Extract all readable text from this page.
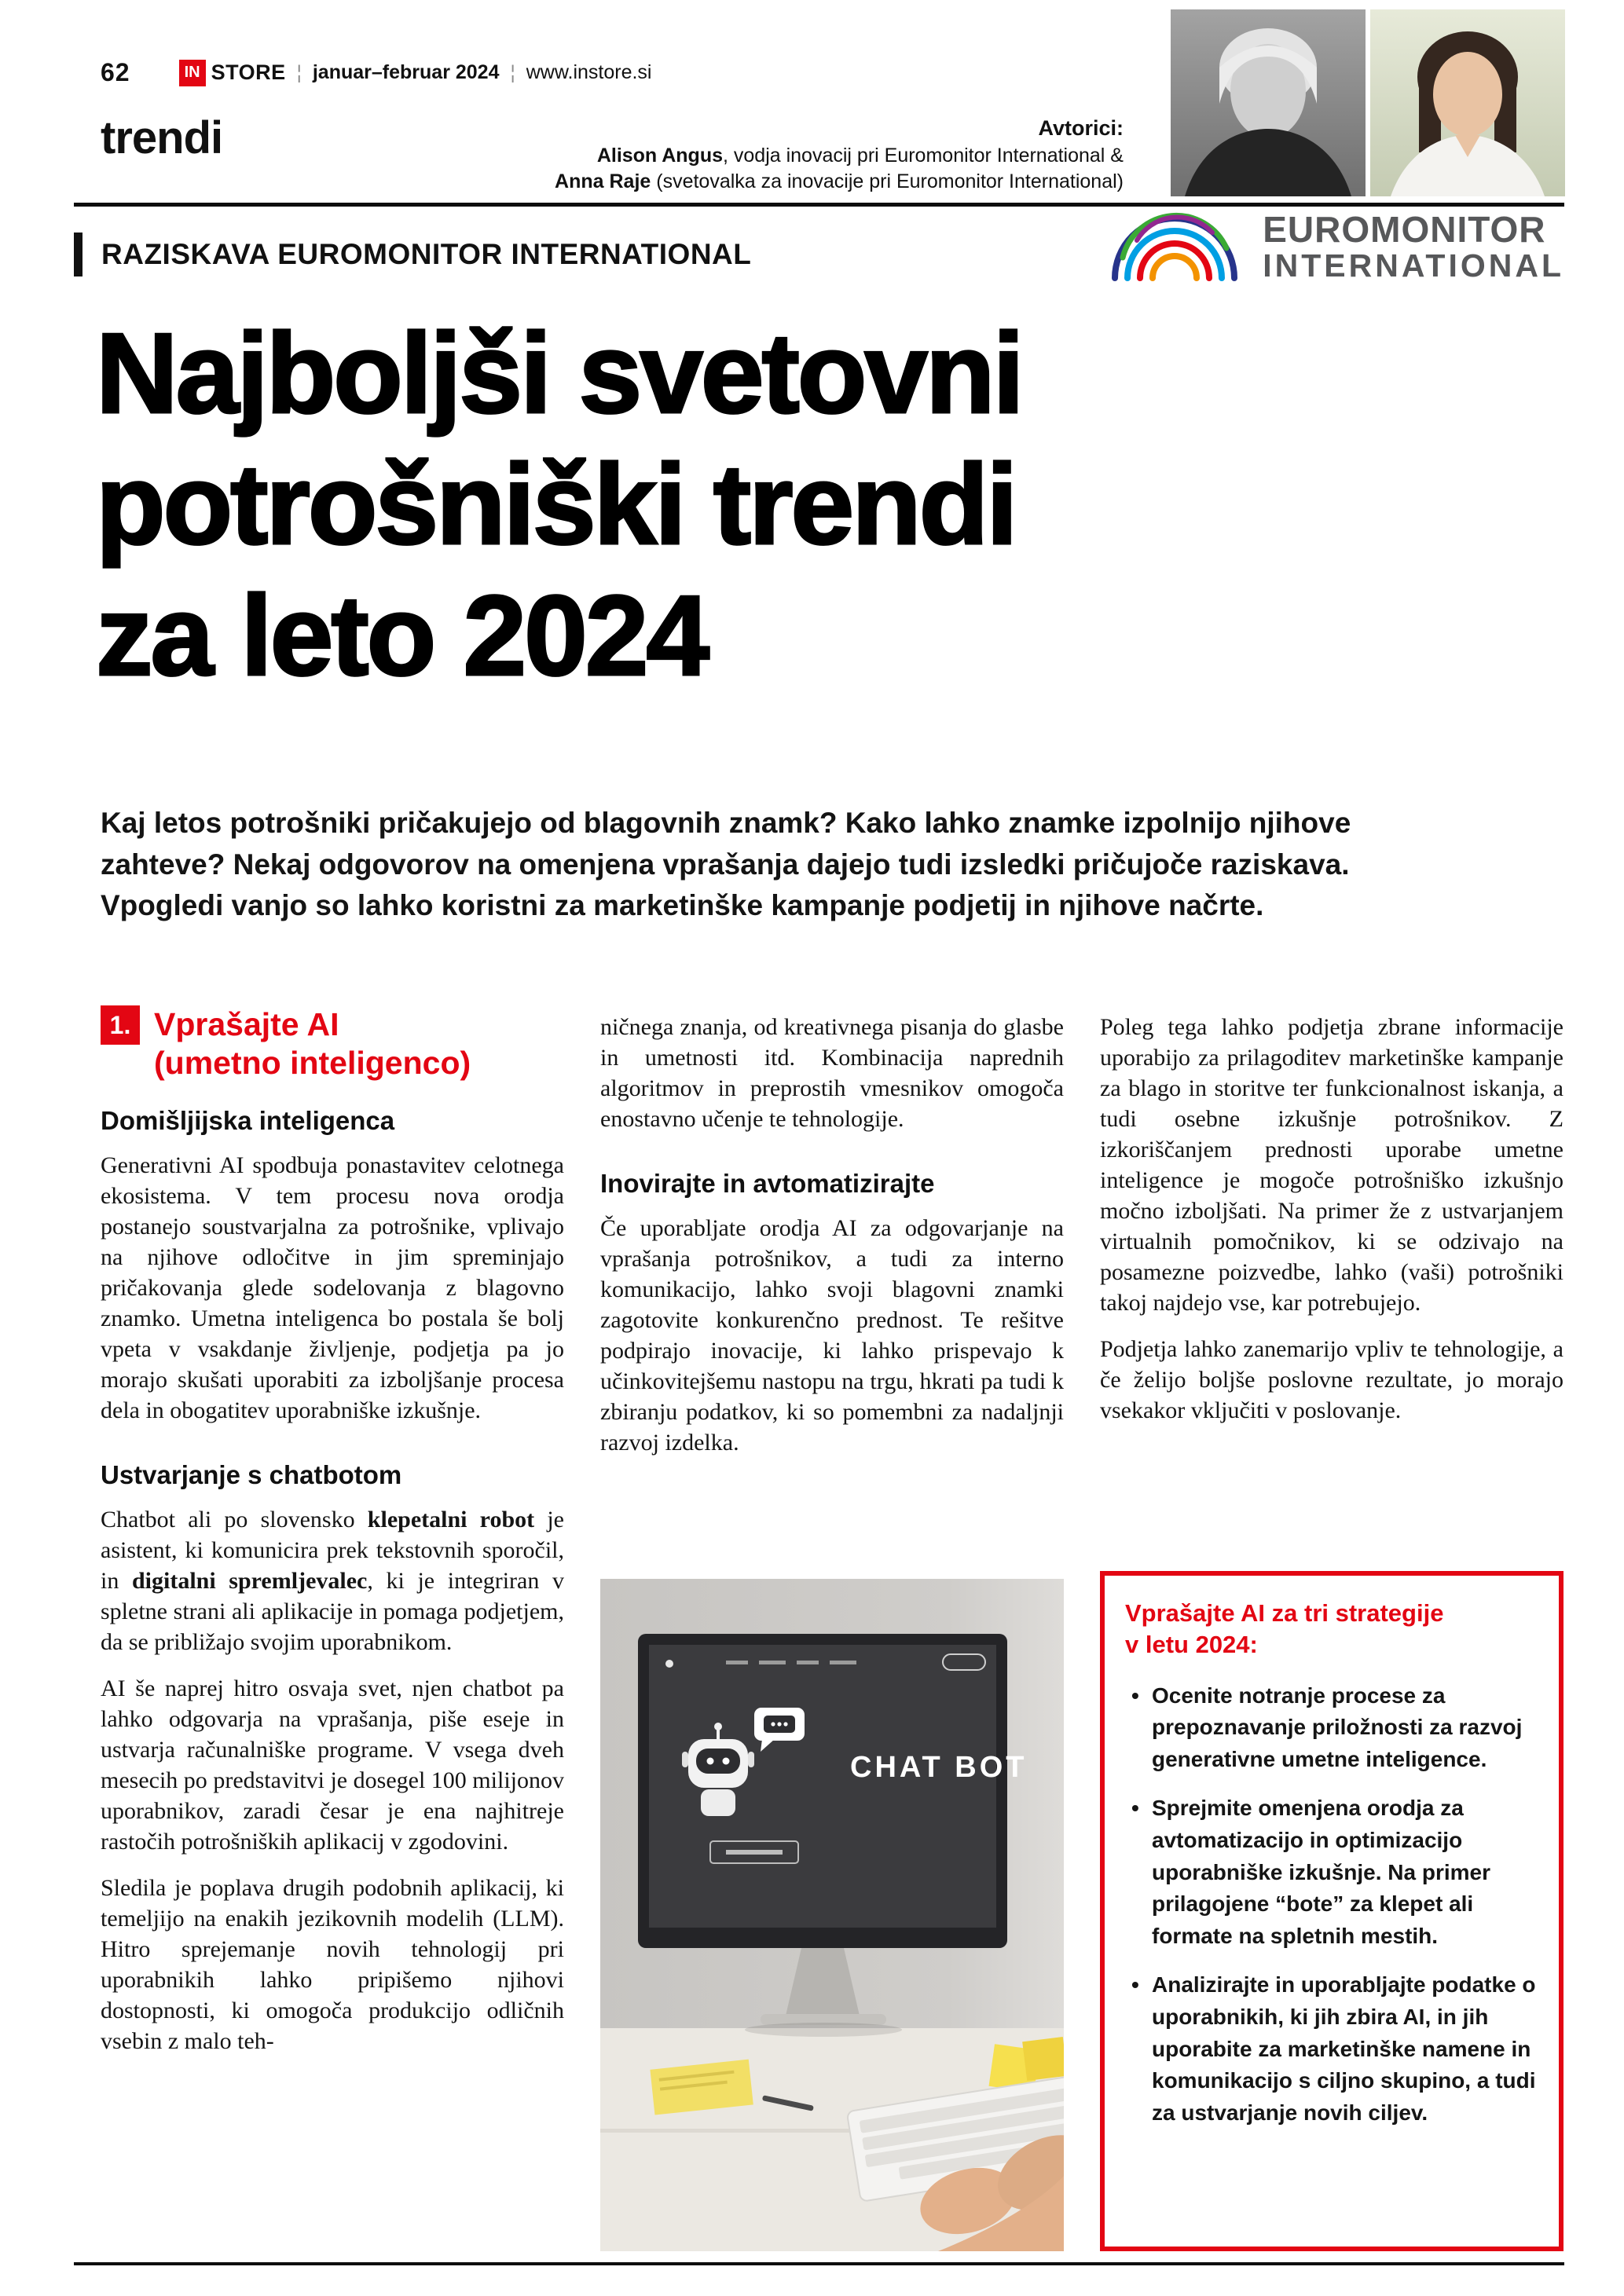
62	IN STORE ¦ januar–februar 2024 ¦ www.instore.si
trendi	Avtorici:
Alison Angus, vodja inovacij pri Euromonitor International &
Anna Raje (svetovalka za inovacije pri Euromonitor International)
RAZISKAVA EUROMONITOR INTERNATIONAL
EUROMONITOR
INTERNATIONAL
Najboljši svetovni
potrošniški trendi
za leto 2024

Kaj letos potrošniki pričakujejo od blagovnih znamk? Kako lahko znamke izpolnijo njihove zahteve? Nekaj odgovorov na omenjena vprašanja dajejo tudi izsledki pričujoče raziskava. Vpogledi vanjo so lahko koristni za marketinške kampanje podjetij in njihove načrte.

1. Vprašajte AI
(umetno inteligenco)
Domišljijska inteligenca

Generativni AI spodbuja ponastavitev celotnega ekosistema. V tem procesu nova orodja postanejo soustvarjalna za potrošnike, vplivajo na njihove odločitve in jim spreminjajo pričakovanja glede sodelovanja z blagovno znamko. Umetna inteligenca bo postala še bolj vpeta v vsakdanje življenje, podjetja pa jo morajo skušati uporabiti za izboljšanje procesa dela in obogatitev uporabniške izkušnje.

Ustvarjanje s chatbotom

Chatbot ali po slovensko klepetalni robot je asistent, ki komunicira prek tekstovnih sporočil, in digitalni spremljevalec, ki je integriran v spletne strani ali aplikacije in pomaga podjetjem, da se približajo svojim uporabnikom.

AI še naprej hitro osvaja svet, njen chatbot pa lahko odgovarja na vprašanja, piše eseje in ustvarja računalniške programe. V vsega dveh mesecih po predstavitvi je dosegel 100 milijonov uporabnikov, zaradi česar je ena najhitreje rastočih potrošniških aplikacij v zgodovini.

Sledila je poplava drugih podobnih aplikacij, ki temeljijo na enakih jezikovnih modelih (LLM). Hitro sprejemanje novih tehnologij pri uporabnikih lahko pripišemo njihovi dostopnosti, ki omogoča produkcijo odličnih vsebin z malo teh-

ničnega znanja, od kreativnega pisanja do glasbe in umetnosti itd. Kombinacija naprednih algoritmov in preprostih vmesnikov omogoča enostavno učenje te tehnologije.

Inovirajte in avtomatizirajte

Če uporabljate orodja AI za odgovarjanje na vprašanja potrošnikov, a tudi za interno komunikacijo, lahko svoji blagovni znamki zagotovite konkurenčno prednost. Te rešitve podpirajo inovacije, ki lahko prispevajo k učinkovitejšemu nastopu na trgu, hkrati pa tudi k zbiranju podatkov, ki so pomembni za nadaljnji razvoj izdelka.

CHAT BOT

Poleg tega lahko podjetja zbrane informacije uporabijo za prilagoditev marketinške kampanje za blago in storitve ter funkcionalnost iskanja, a tudi osebne izkušnje potrošnikov. Z izkoriščanjem prednosti uporabe umetne inteligence je mogoče potrošniško izkušnjo močno izboljšati. Na primer že z ustvarjanjem virtualnih pomočnikov, ki se odzivajo na posamezne poizvedbe, lahko (vaši) potrošniki takoj najdejo vse, kar potrebujejo.

Podjetja lahko zanemarijo vpliv te tehnologije, a če želijo boljše poslovne rezultate, jo morajo vsekakor vključiti v poslovanje.

Vprašajte AI za tri strategije
v letu 2024:
• Ocenite notranje procese za prepoznavanje priložnosti za razvoj generativne umetne inteligence.
• Sprejmite omenjena orodja za avtomatizacijo in optimizacijo uporabniške izkušnje. Na primer prilagojene “bote” za klepet ali formate na spletnih mestih.
• Analizirajte in uporabljajte podatke o uporabnikih, ki jih zbira AI, in jih uporabite za marketinške namene in komunikacijo s ciljno skupino, a tudi za ustvarjanje novih ciljev.
